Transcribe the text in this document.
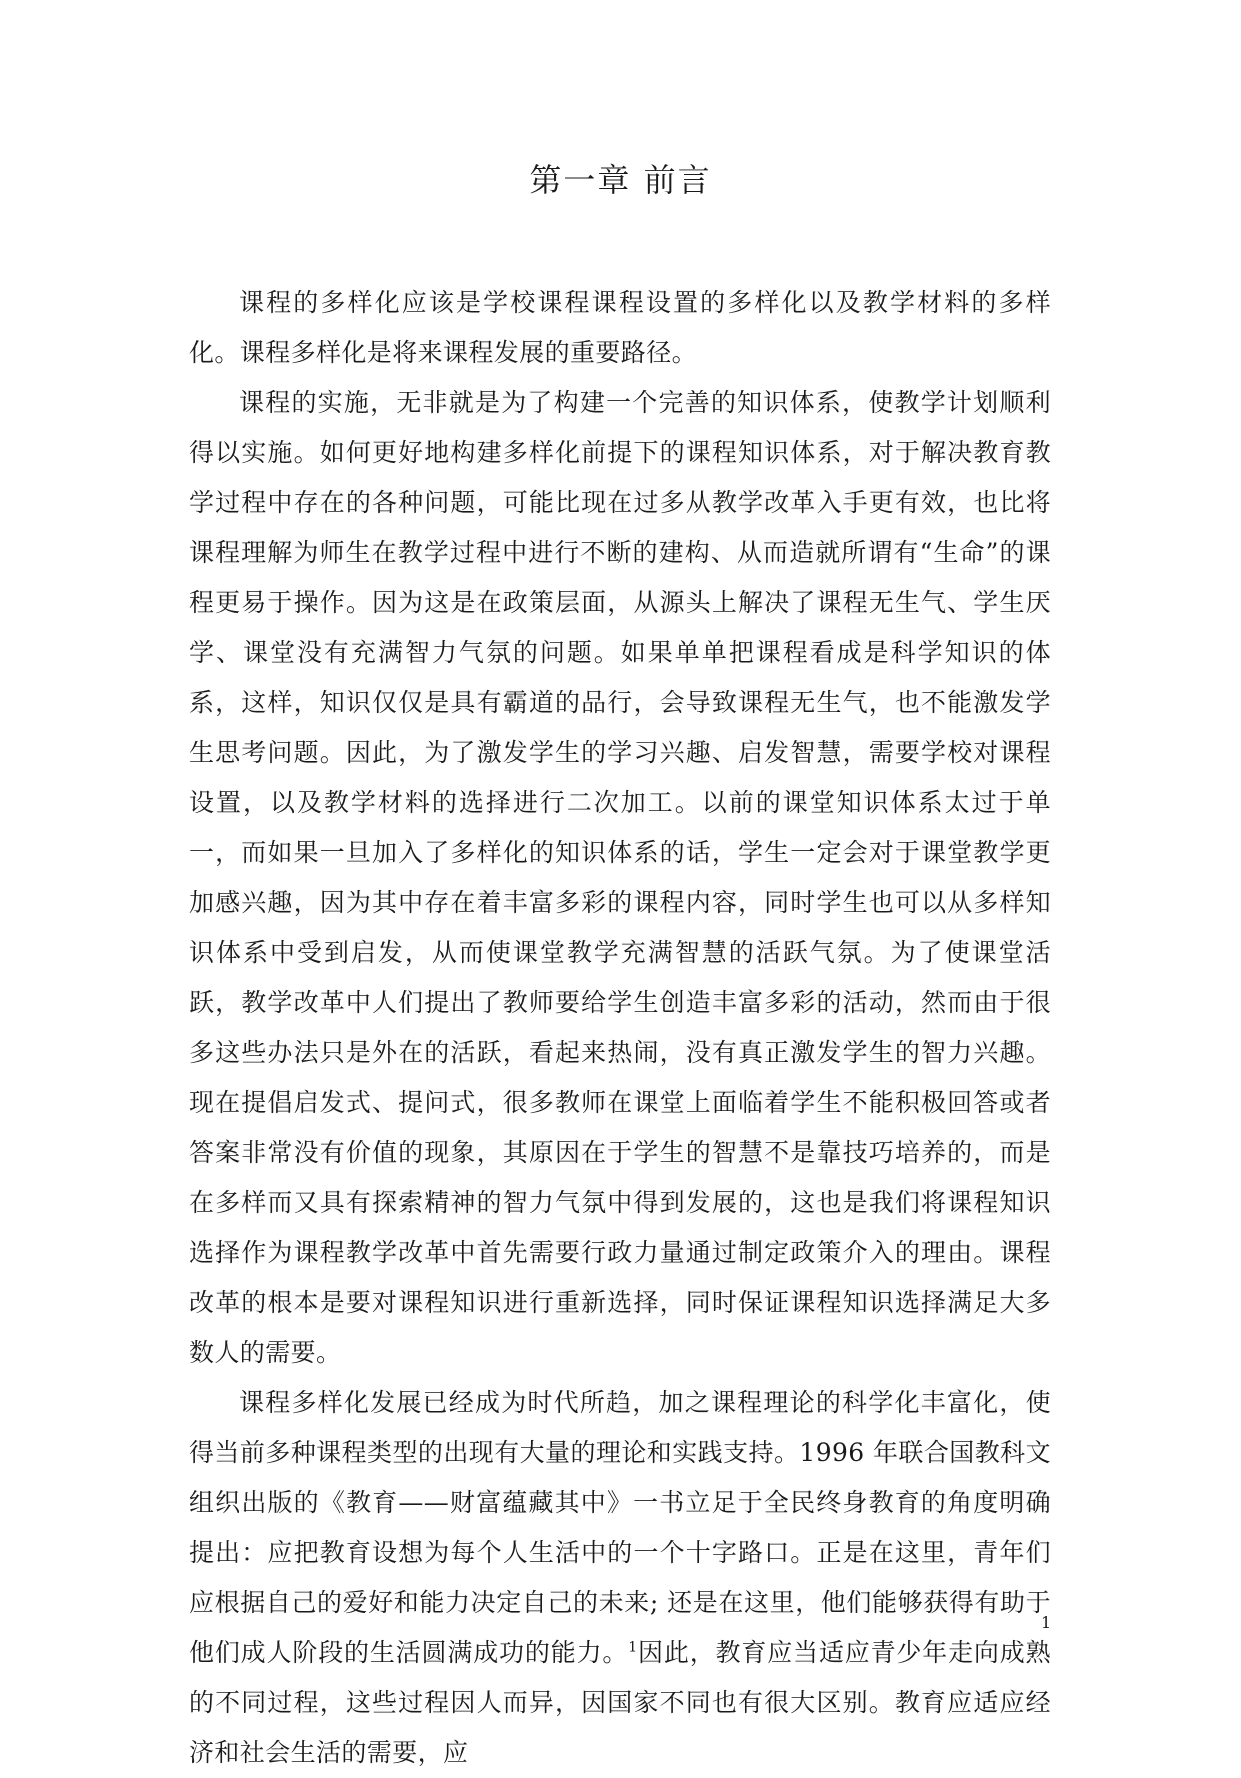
第一章 前言

课程的多样化应该是学校课程课程设置的多样化以及教学材料的多样化。课程多样化是将来课程发展的重要路径。

课程的实施，无非就是为了构建一个完善的知识体系，使教学计划顺利得以实施。如何更好地构建多样化前提下的课程知识体系，对于解决教育教学过程中存在的各种问题，可能比现在过多从教学改革入手更有效，也比将课程理解为师生在教学过程中进行不断的建构、从而造就所谓有“生命”的课程更易于操作。因为这是在政策层面，从源头上解决了课程无生气、学生厌学、课堂没有充满智力气氛的问题。如果单单把课程看成是科学知识的体系，这样，知识仅仅是具有霸道的品行，会导致课程无生气，也不能激发学生思考问题。因此，为了激发学生的学习兴趣、启发智慧，需要学校对课程设置，以及教学材料的选择进行二次加工。以前的课堂知识体系太过于单一，而如果一旦加入了多样化的知识体系的话，学生一定会对于课堂教学更加感兴趣，因为其中存在着丰富多彩的课程内容，同时学生也可以从多样知识体系中受到启发，从而使课堂教学充满智慧的活跃气氛。为了使课堂活跃，教学改革中人们提出了教师要给学生创造丰富多彩的活动，然而由于很多这些办法只是外在的活跃，看起来热闹，没有真正激发学生的智力兴趣。现在提倡启发式、提问式，很多教师在课堂上面临着学生不能积极回答或者答案非常没有价值的现象，其原因在于学生的智慧不是靠技巧培养的，而是在多样而又具有探索精神的智力气氛中得到发展的，这也是我们将课程知识选择作为课程教学改革中首先需要行政力量通过制定政策介入的理由。课程改革的根本是要对课程知识进行重新选择，同时保证课程知识选择满足大多数人的需要。

课程多样化发展已经成为时代所趋，加之课程理论的科学化丰富化，使得当前多种课程类型的出现有大量的理论和实践支持。1996 年联合国教科文组织出版的《教育——财富蕴藏其中》一书立足于全民终身教育的角度明确提出：应把教育设想为每个人生活中的一个十字路口。正是在这里，青年们应根据自己的爱好和能力决定自己的未来; 还是在这里，他们能够获得有助于他们成人阶段的生活圆满成功的能力。$^1$因此，教育应当适应青少年走向成熟的不同过程，这些过程因人而异，因国家不同也有很大区别。教育应适应经济和社会生活的需要，应

1
